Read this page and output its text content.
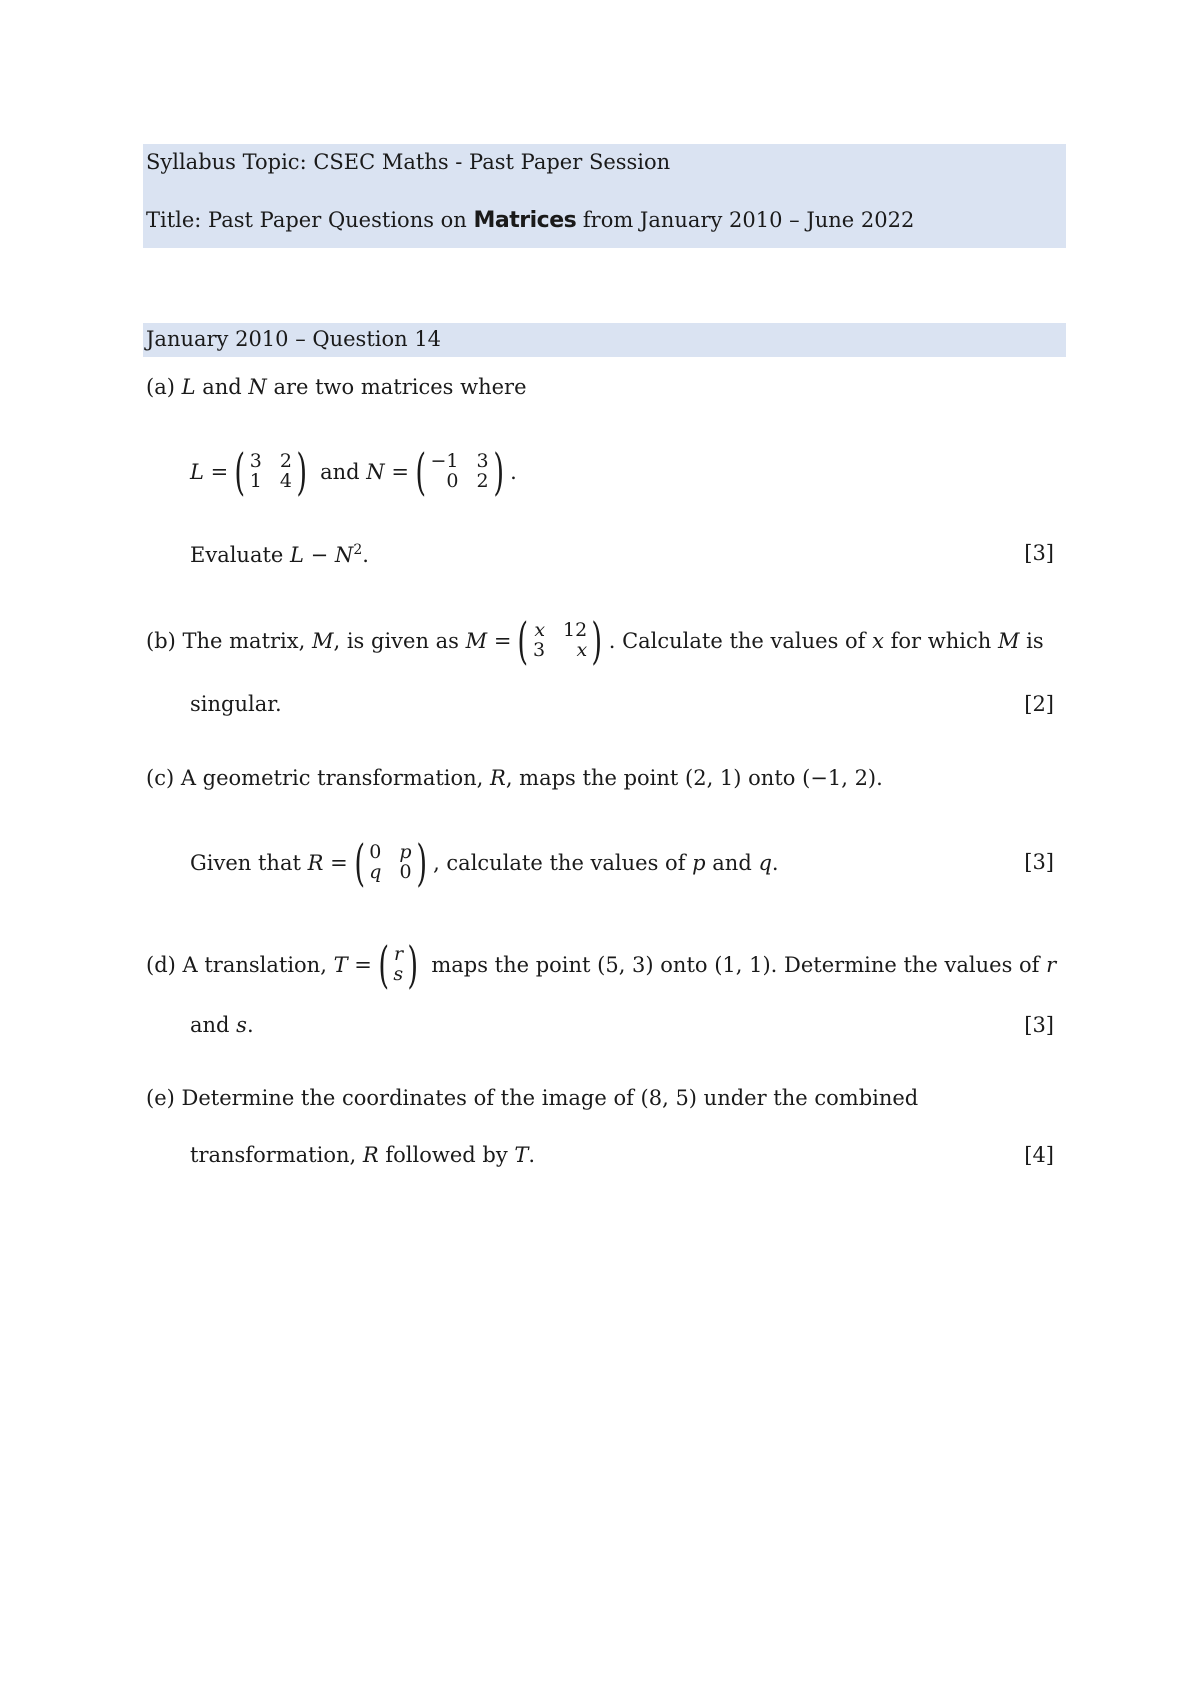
Syllabus Topic: CSEC Maths - Past Paper Session
Title: Past Paper Questions on Matrices from January 2010 – June 2022
January 2010 – Question 14
(a) L and N are two matrices where
L = ( 3 2
1 4 ) and N = ( −1 3
0 2 ) .
Evaluate $L - N^2$.	[3]
(b) The matrix, M , is given as M = ( x 12
3	x ) . Calculate the values of x for which M is
singular.	[2]
(c) A geometric transformation, R, maps the point (2, 1) onto (−1, 2).
Given that R = ( 0 p
q 0 ) , calculate the values of p and q .	[3]
(d) A translation, T = ( r
s ) maps the point (5, 3) onto (1, 1). Determine the values of r
and s.	[3]
(e) Determine the coordinates of the image of (8, 5) under the combined
transformation, R followed by T.	[4]
